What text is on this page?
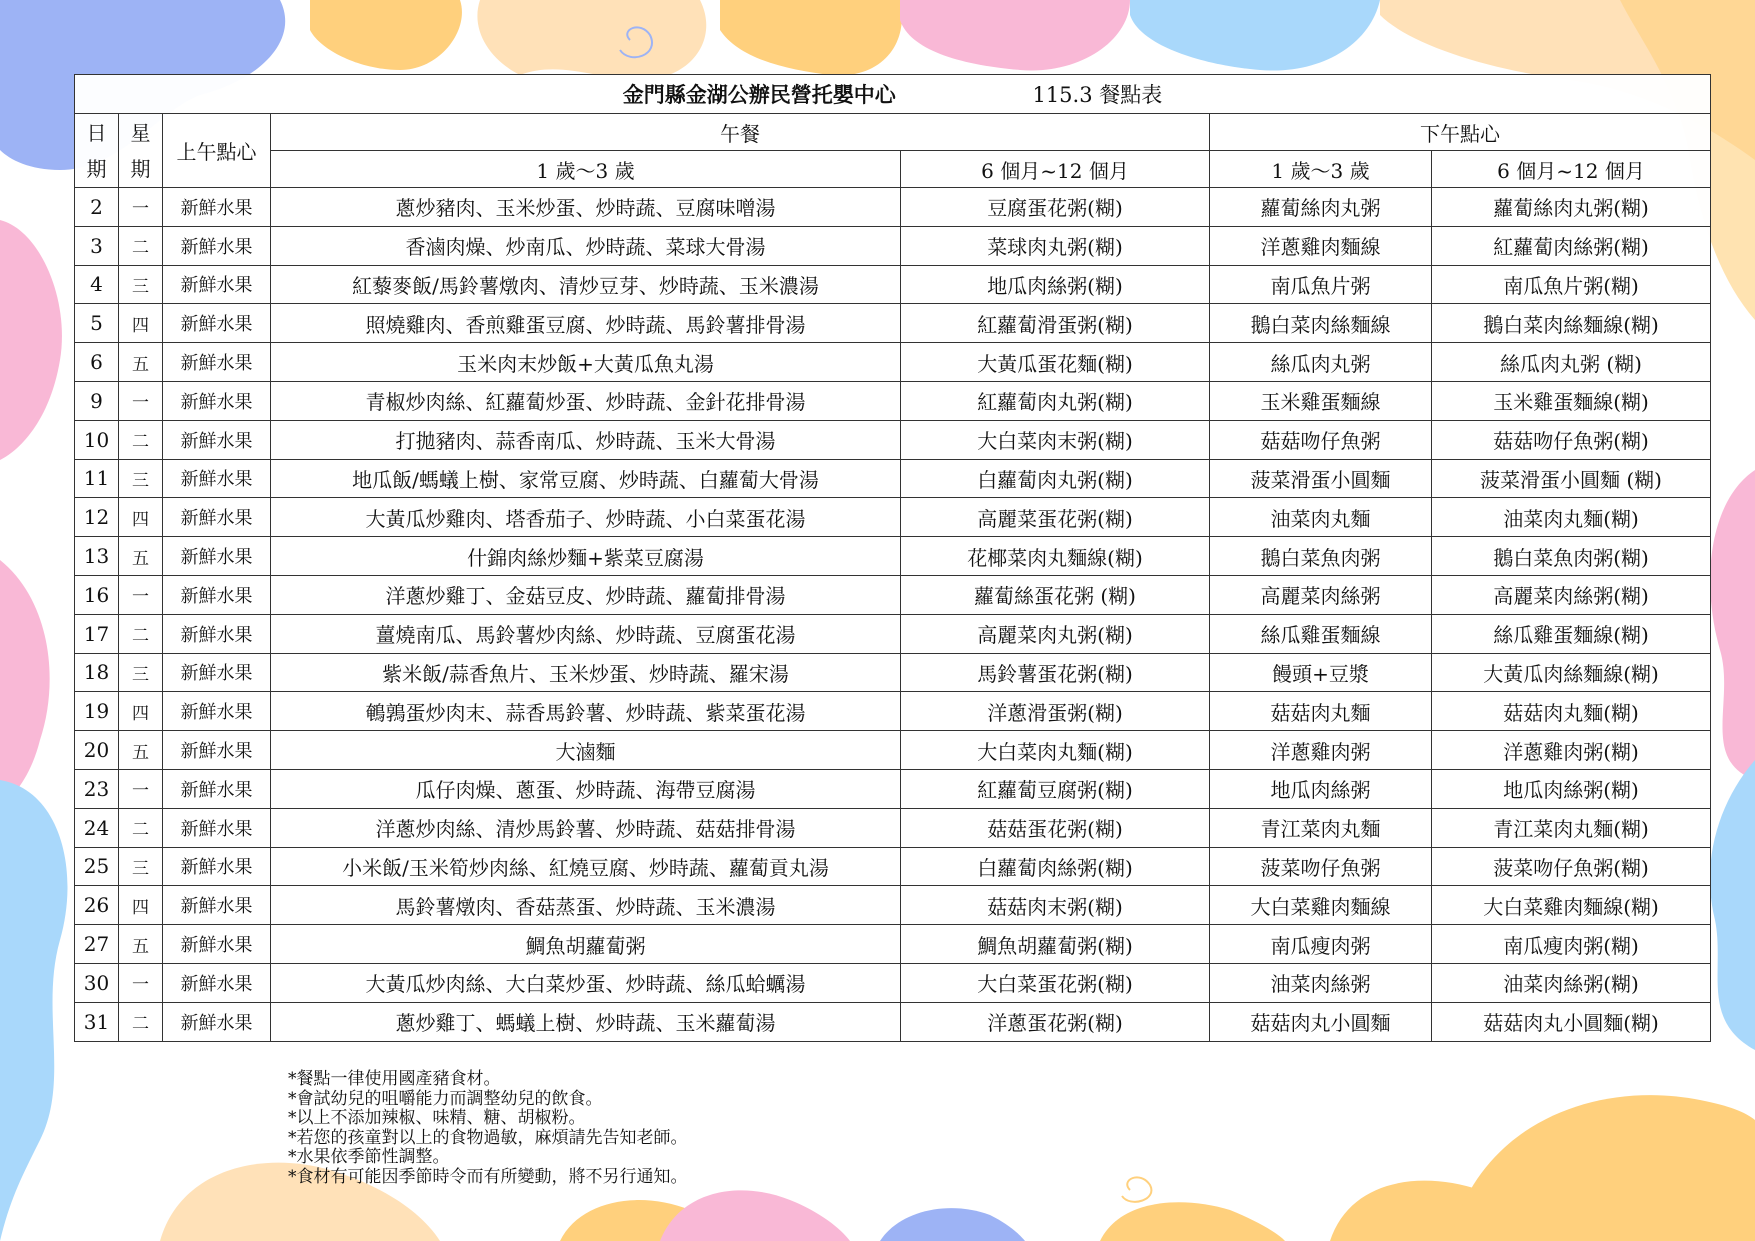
金門縣金湖公辦民營托嬰中心 115.3 餐點表						
日
期	星
期	上午點心	午餐		下午點心	
			1 歲～3 歲	6 個月~12 個月	1 歲～3 歲	6 個月~12 個月
2	一	新鮮水果	蔥炒豬肉、玉米炒蛋、炒時蔬、豆腐味噌湯	豆腐蛋花粥(糊)	蘿蔔絲肉丸粥	蘿蔔絲肉丸粥(糊)
3	二	新鮮水果	香滷肉燥、炒南瓜、炒時蔬、菜球大骨湯	菜球肉丸粥(糊)	洋蔥雞肉麵線	紅蘿蔔肉絲粥(糊)
4	三	新鮮水果	紅藜麥飯/馬鈴薯燉肉、清炒豆芽、炒時蔬、玉米濃湯	地瓜肉絲粥(糊)	南瓜魚片粥	南瓜魚片粥(糊)
5	四	新鮮水果	照燒雞肉、香煎雞蛋豆腐、炒時蔬、馬鈴薯排骨湯	紅蘿蔔滑蛋粥(糊)	鵝白菜肉絲麵線	鵝白菜肉絲麵線(糊)
6	五	新鮮水果	玉米肉末炒飯+大黃瓜魚丸湯	大黃瓜蛋花麵(糊)	絲瓜肉丸粥	絲瓜肉丸粥 (糊)
9	一	新鮮水果	青椒炒肉絲、紅蘿蔔炒蛋、炒時蔬、金針花排骨湯	紅蘿蔔肉丸粥(糊)	玉米雞蛋麵線	玉米雞蛋麵線(糊)
10	二	新鮮水果	打拋豬肉、蒜香南瓜、炒時蔬、玉米大骨湯	大白菜肉末粥(糊)	菇菇吻仔魚粥	菇菇吻仔魚粥(糊)
11	三	新鮮水果	地瓜飯/螞蟻上樹、家常豆腐、炒時蔬、白蘿蔔大骨湯	白蘿蔔肉丸粥(糊)	菠菜滑蛋小圓麵	菠菜滑蛋小圓麵 (糊)
12	四	新鮮水果	大黃瓜炒雞肉、塔香茄子、炒時蔬、小白菜蛋花湯	高麗菜蛋花粥(糊)	油菜肉丸麵	油菜肉丸麵(糊)
13	五	新鮮水果	什錦肉絲炒麵+紫菜豆腐湯	花椰菜肉丸麵線(糊)	鵝白菜魚肉粥	鵝白菜魚肉粥(糊)
16	一	新鮮水果	洋蔥炒雞丁、金菇豆皮、炒時蔬、蘿蔔排骨湯	蘿蔔絲蛋花粥 (糊)	高麗菜肉絲粥	高麗菜肉絲粥(糊)
17	二	新鮮水果	薑燒南瓜、馬鈴薯炒肉絲、炒時蔬、豆腐蛋花湯	高麗菜肉丸粥(糊)	絲瓜雞蛋麵線	絲瓜雞蛋麵線(糊)
18	三	新鮮水果	紫米飯/蒜香魚片、玉米炒蛋、炒時蔬、羅宋湯	馬鈴薯蛋花粥(糊)	饅頭+豆漿	大黃瓜肉絲麵線(糊)
19	四	新鮮水果	鵪鶉蛋炒肉末、蒜香馬鈴薯、炒時蔬、紫菜蛋花湯	洋蔥滑蛋粥(糊)	菇菇肉丸麵	菇菇肉丸麵(糊)
20	五	新鮮水果	大滷麵	大白菜肉丸麵(糊)	洋蔥雞肉粥	洋蔥雞肉粥(糊)
23	一	新鮮水果	瓜仔肉燥、蔥蛋、炒時蔬、海帶豆腐湯	紅蘿蔔豆腐粥(糊)	地瓜肉絲粥	地瓜肉絲粥(糊)
24	二	新鮮水果	洋蔥炒肉絲、清炒馬鈴薯、炒時蔬、菇菇排骨湯	菇菇蛋花粥(糊)	青江菜肉丸麵	青江菜肉丸麵(糊)
25	三	新鮮水果	小米飯/玉米筍炒肉絲、紅燒豆腐、炒時蔬、蘿蔔貢丸湯	白蘿蔔肉絲粥(糊)	菠菜吻仔魚粥	菠菜吻仔魚粥(糊)
26	四	新鮮水果	馬鈴薯燉肉、香菇蒸蛋、炒時蔬、玉米濃湯	菇菇肉末粥(糊)	大白菜雞肉麵線	大白菜雞肉麵線(糊)
27	五	新鮮水果	鯛魚胡蘿蔔粥	鯛魚胡蘿蔔粥(糊)	南瓜瘦肉粥	南瓜瘦肉粥(糊)
30	一	新鮮水果	大黃瓜炒肉絲、大白菜炒蛋、炒時蔬、絲瓜蛤蠣湯	大白菜蛋花粥(糊)	油菜肉絲粥	油菜肉絲粥(糊)
31	二	新鮮水果	蔥炒雞丁、螞蟻上樹、炒時蔬、玉米蘿蔔湯	洋蔥蛋花粥(糊)	菇菇肉丸小圓麵	菇菇肉丸小圓麵(糊)
*餐點一律使用國產豬食材。
*會試幼兒的咀嚼能力而調整幼兒的飲食。
*以上不添加辣椒、味精、糖、胡椒粉。
*若您的孩童對以上的食物過敏，麻煩請先告知老師。
*水果依季節性調整。
*食材有可能因季節時令而有所變動，將不另行通知。
